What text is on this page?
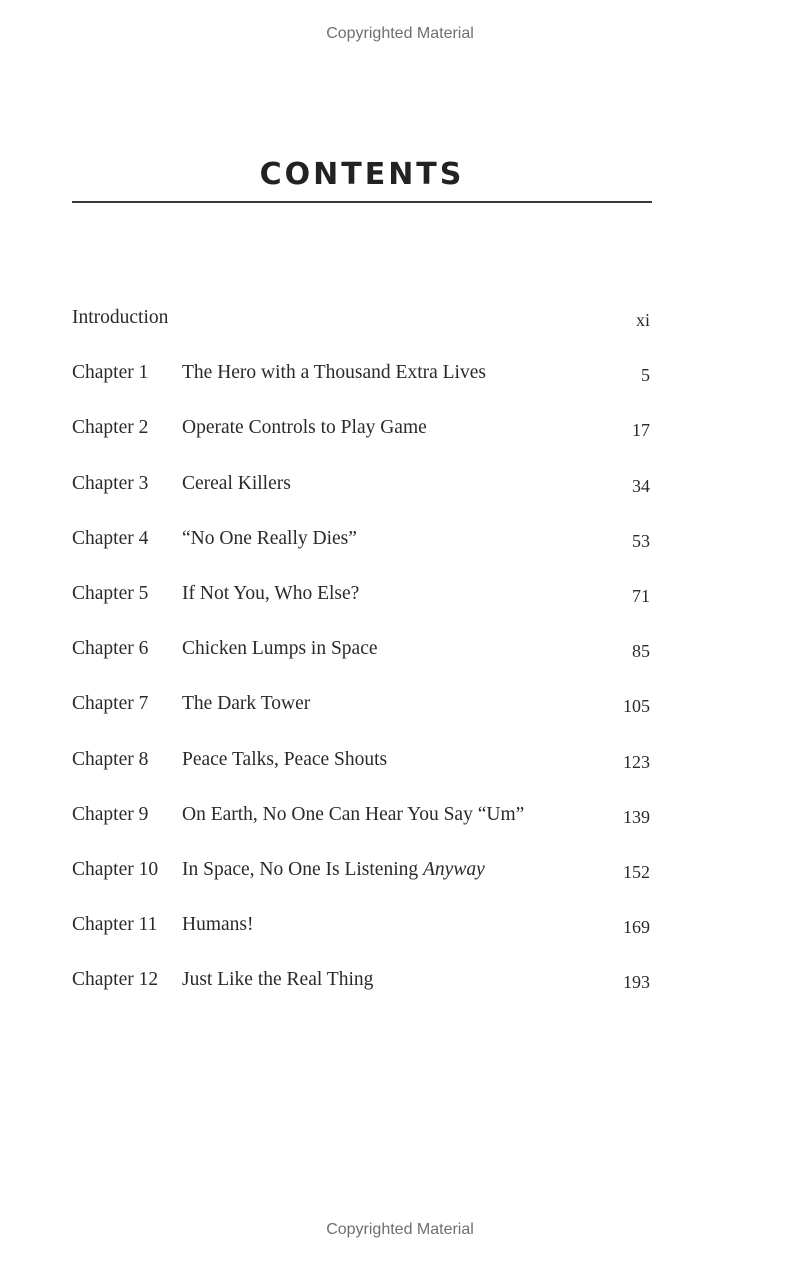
Copyrighted Material
CONTENTS
Introduction	xi
Chapter 1 The Hero with a Thousand Extra Lives	5
Chapter 2 Operate Controls to Play Game	17
Chapter 3 Cereal Killers	34
Chapter 4 “No One Really Dies”	53
Chapter 5 If Not You, Who Else?	71
Chapter 6 Chicken Lumps in Space	85
Chapter 7 The Dark Tower	105
Chapter 8 Peace Talks, Peace Shouts	123
Chapter 9 On Earth, No One Can Hear You Say “Um”	139
Chapter 10 In Space, No One Is Listening Anyway	152
Chapter 11 Humans!	169
Chapter 12 Just Like the Real Thing	193
Copyrighted Material
